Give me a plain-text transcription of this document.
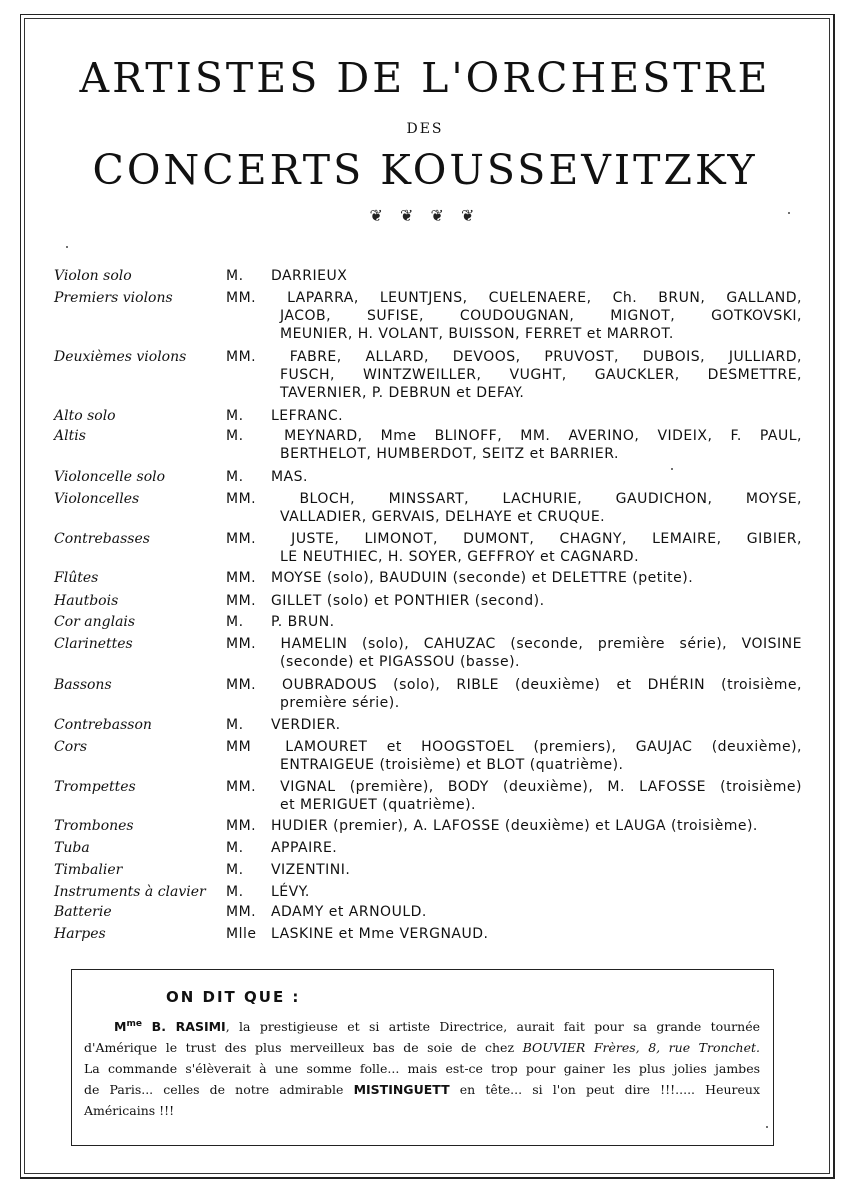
ARTISTES DE L'ORCHESTRE
DES
CONCERTS KOUSSEVITZKY
❦ ❦ ❦ ❦
Violon solo	M. DARRIEUX
Premiers violons	MM. LAPARRA, LEUNTJENS, CUELENAERE, Ch. BRUN, GALLAND,
JACOB, SUFISE, COUDOUGNAN, MIGNOT, GOTKOVSKI,
MEUNIER, H. VOLANT, BUISSON, FERRET et MARROT.
Deuxièmes violons	MM. FABRE, ALLARD, DEVOOS, PRUVOST, DUBOIS, JULLIARD,
FUSCH, WINTZWEILLER, VUGHT, GAUCKLER, DESMETTRE,
TAVERNIER, P. DEBRUN et DEFAY.
Alto solo	M. LEFRANC.
Altis	M. MEYNARD, Mme BLINOFF, MM. AVERINO, VIDEIX, F. PAUL,
BERTHELOT, HUMBERDOT, SEITZ et BARRIER.
Violoncelle solo	M. MAS.
Violoncelles	MM. BLOCH, MINSSART, LACHURIE, GAUDICHON, MOYSE,
VALLADIER, GERVAIS, DELHAYE et CRUQUE.
Contrebasses	MM. JUSTE, LIMONOT, DUMONT, CHAGNY, LEMAIRE, GIBIER,
LE NEUTHIEC, H. SOYER, GEFFROY et CAGNARD.
Flûtes	MM. MOYSE (solo), BAUDUIN (seconde) et DELETTRE (petite).
Hautbois	MM. GILLET (solo) et PONTHIER (second).
Cor anglais	M. P. BRUN.
Clarinettes	MM. HAMELIN (solo), CAHUZAC (seconde, première série), VOISINE
(seconde) et PIGASSOU (basse).
Bassons	MM. OUBRADOUS (solo), RIBLE (deuxième) et DHÉRIN (troisième,
première série).
Contrebasson	M. VERDIER.
Cors	MM LAMOURET et HOOGSTOEL (premiers), GAUJAC (deuxième),
ENTRAIGEUE (troisième) et BLOT (quatrième).
Trompettes	MM. VIGNAL (première), BODY (deuxième), M. LAFOSSE (troisième)
et MERIGUET (quatrième).
Trombones	MM. HUDIER (premier), A. LAFOSSE (deuxième) et LAUGA (troisième).
Tuba	M. APPAIRE.
Timbalier	M. VIZENTINI.
Instruments à clavier M. LÉVY.
Batterie	MM. ADAMY et ARNOULD.
Harpes	Mlle LASKINE et Mme VERGNAUD.
ON DIT QUE :
$M^{me}$ B. RASIMI, la prestigieuse et si artiste Directrice, aurait fait pour sa grande tournée
d'Amérique le trust des plus merveilleux bas de soie de chez BOUVIER Frères, 8, rue Tronchet.
La commande s'élèverait à une somme folle... mais est-ce trop pour gainer les plus jolies jambes
de Paris... celles de notre admirable MISTINGUETT en tête... si l'on peut dire !!!..... Heureux
Américains !!!
